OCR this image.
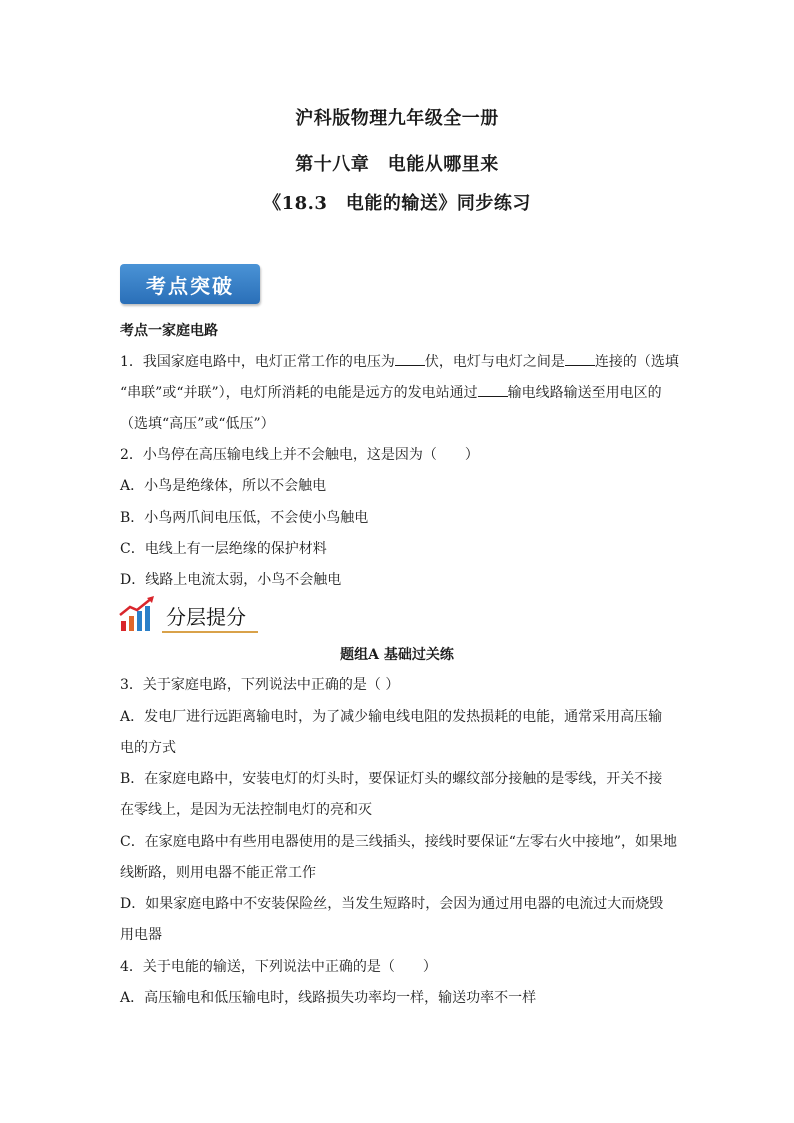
沪科版物理九年级全一册
第十八章　电能从哪里来
《18.3　电能的输送》同步练习
考点突破
考点一家庭电路
1．我国家庭电路中，电灯正常工作的电压为 伏，电灯与电灯之间是 连接的（选填
“串联”或“并联”），电灯所消耗的电能是远方的发电站通过 输电线路输送至用电区的
（选填“高压”或“低压”）
2．小鸟停在高压输电线上并不会触电，这是因为（　　）
A．小鸟是绝缘体，所以不会触电
B．小鸟两爪间电压低，不会使小鸟触电
C．电线上有一层绝缘的保护材料
D．线路上电流太弱，小鸟不会触电
分层提分
题组A 基础过关练
3．关于家庭电路，下列说法中正确的是（ ）
A．发电厂进行远距离输电时，为了减少输电线电阻的发热损耗的电能，通常采用高压输
电的方式
B．在家庭电路中，安装电灯的灯头时，要保证灯头的螺纹部分接触的是零线，开关不接
在零线上，是因为无法控制电灯的亮和灭
C．在家庭电路中有些用电器使用的是三线插头，接线时要保证“左零右火中接地”，如果地
线断路，则用电器不能正常工作
D．如果家庭电路中不安装保险丝，当发生短路时，会因为通过用电器的电流过大而烧毁
用电器
4．关于电能的输送，下列说法中正确的是（　　）
A．高压输电和低压输电时，线路损失功率均一样，输送功率不一样
